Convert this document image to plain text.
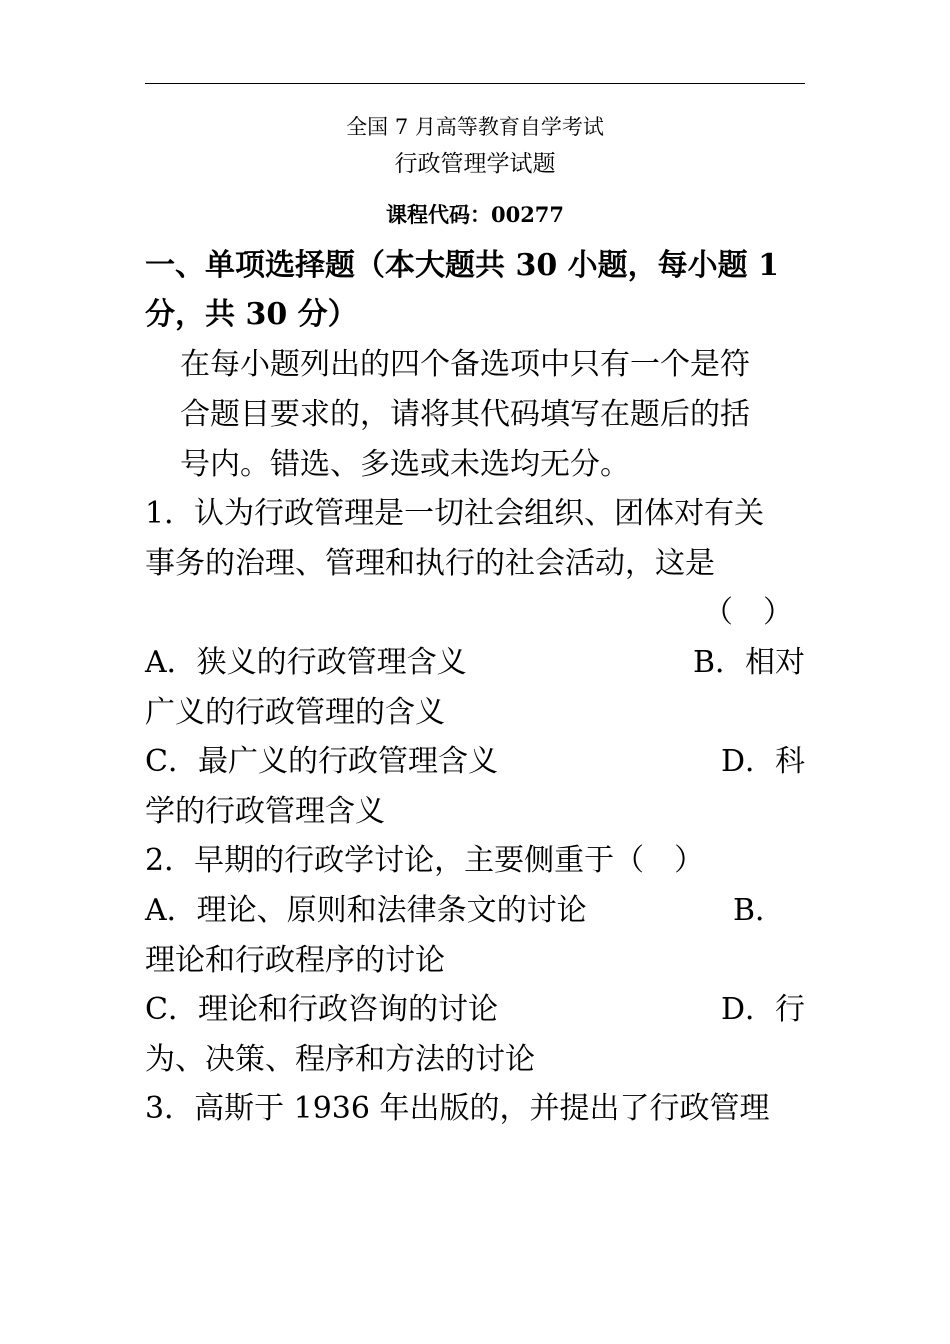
全国 7 月高等教育自学考试
行政管理学试题
课程代码：00277
一、单项选择题（本大题共 30 小题，每小题 1
分，共 30 分）
在每小题列出的四个备选项中只有一个是符
合题目要求的，请将其代码填写在题后的括
号内。错选、多选或未选均无分。
1．认为行政管理是一切社会组织、团体对有关
事务的治理、管理和执行的社会活动，这是
（　）
A．狭义的行政管理含义	B．相对
广义的行政管理的含义
C．最广义的行政管理含义	D．科
学的行政管理含义
2．早期的行政学讨论，主要侧重于（　）
A．理论、原则和法律条文的讨论	B．
理论和行政程序的讨论
C．理论和行政咨询的讨论	D．行
为、决策、程序和方法的讨论
3．高斯于 1936 年出版的，并提出了行政管理
